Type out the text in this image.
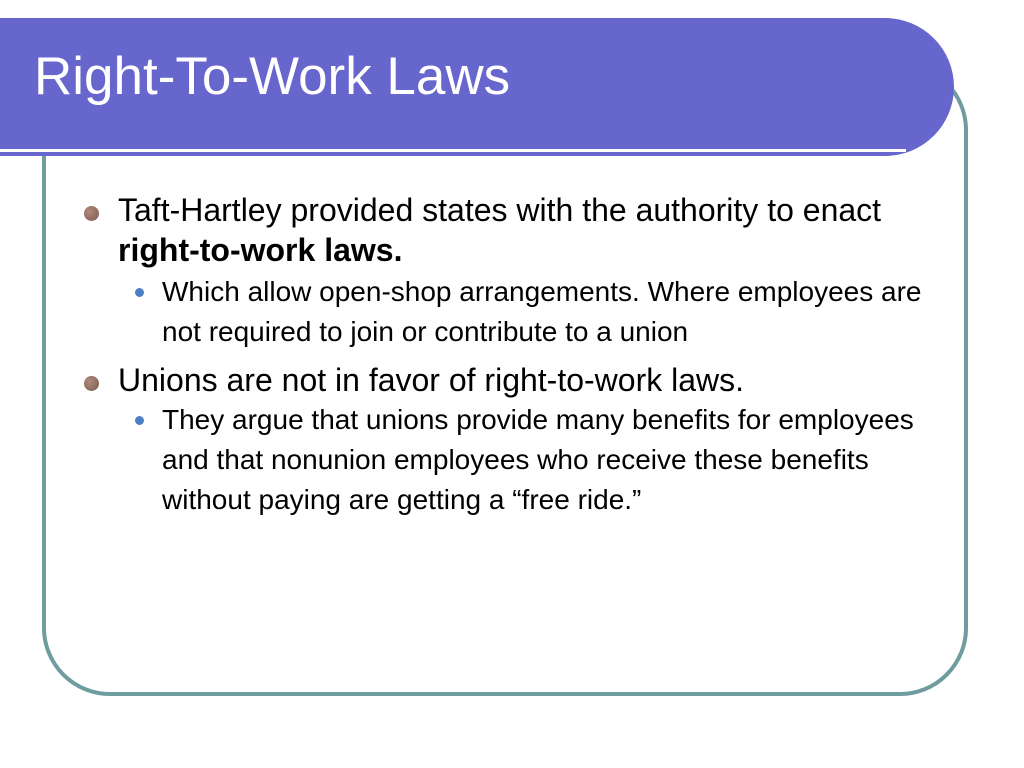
Right-To-Work Laws
Taft-Hartley provided states with the authority to enact right-to-work laws.
Which allow open-shop arrangements. Where employees are not required to join or contribute to a union
Unions are not in favor of right-to-work laws.
They argue that unions provide many benefits for employees and that nonunion employees who receive these benefits without paying are getting a “free ride.”
